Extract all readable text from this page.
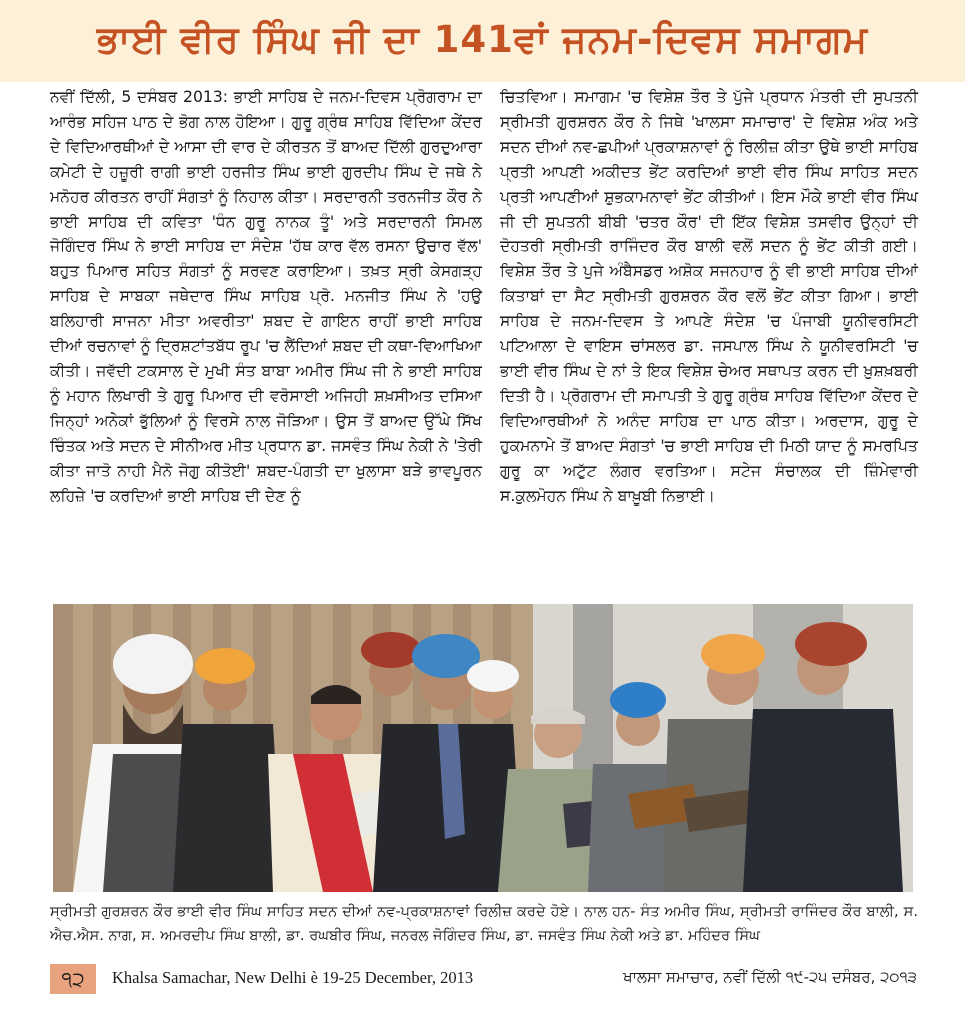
ਭਾਈ ਵੀਰ ਸਿੰਘ ਜੀ ਦਾ 141ਵਾਂ ਜਨਮ-ਦਿਵਸ ਸਮਾਗਮ

ਨਵੀਂ ਦਿੱਲੀ, 5 ਦਸੰਬਰ 2013: ਭਾਈ ਸਾਹਿਬ ਦੇ ਜਨਮ-ਦਿਵਸ ਪ੍ਰੋਗਰਾਮ ਦਾ ਆਰੰਭ ਸਹਿਜ ਪਾਠ ਦੇ ਭੋਗ ਨਾਲ ਹੋਇਆ। ਗੁਰੂ ਗ੍ਰੰਥ ਸਾਹਿਬ ਵਿੱਦਿਆ ਕੇਂਦਰ ਦੇ ਵਿਦਿਆਰਥੀਆਂ ਦੇ ਆਸਾ ਦੀ ਵਾਰ ਦੇ ਕੀਰਤਨ ਤੋਂ ਬਾਅਦ ਦਿੱਲੀ ਗੁਰਦੁਆਰਾ ਕਮੇਟੀ ਦੇ ਹਜ਼ੂਰੀ ਰਾਗੀ ਭਾਈ ਹਰਜੀਤ ਸਿੰਘ ਭਾਈ ਗੁਰਦੀਪ ਸਿੰਘ ਦੇ ਜਥੇ ਨੇ ਮਨੋਹਰ ਕੀਰਤਨ ਰਾਹੀਂ ਸੰਗਤਾਂ ਨੂੰ ਨਿਹਾਲ ਕੀਤਾ। ਸਰਦਾਰਨੀ ਤਰਨਜੀਤ ਕੌਰ ਨੇ ਭਾਈ ਸਾਹਿਬ ਦੀ ਕਵਿਤਾ 'ਧੰਨ ਗੁਰੂ ਨਾਨਕ ਤੂੰ' ਅਤੇ ਸਰਦਾਰਨੀ ਸਿਮਲ ਜੋਗਿੰਦਰ ਸਿੰਘ ਨੇ ਭਾਈ ਸਾਹਿਬ ਦਾ ਸੰਦੇਸ਼ 'ਹੱਥ ਕਾਰ ਵੱਲ ਰਸਨਾ ਉਚਾਰ ਵੱਲ' ਬਹੁਤ ਪਿਆਰ ਸਹਿਤ ਸੰਗਤਾਂ ਨੂੰ ਸਰਵਣ ਕਰਾਇਆ। ਤਖ਼ਤ ਸ੍ਰੀ ਕੇਸਗੜ੍ਹ ਸਾਹਿਬ ਦੇ ਸਾਬਕਾ ਜਥੇਦਾਰ ਸਿੰਘ ਸਾਹਿਬ ਪ੍ਰੋ. ਮਨਜੀਤ ਸਿੰਘ ਨੇ 'ਹਉ ਬਲਿਹਾਰੀ ਸਾਜਨਾ ਮੀਤਾ ਅਵਰੀਤਾ' ਸ਼ਬਦ ਦੇ ਗਾਇਨ ਰਾਹੀਂ ਭਾਈ ਸਾਹਿਬ ਦੀਆਂ ਰਚਨਾਵਾਂ ਨੂੰ ਦ੍ਰਿਸ਼ਟਾਂਤਬੱਧ ਰੂਪ 'ਚ ਲੈਂਦਿਆਂ ਸ਼ਬਦ ਦੀ ਕਥਾ-ਵਿਆਖਿਆ ਕੀਤੀ। ਜਵੱਦੀ ਟਕਸਾਲ ਦੇ ਮੁਖੀ ਸੰਤ ਬਾਬਾ ਅਮੀਰ ਸਿੰਘ ਜੀ ਨੇ ਭਾਈ ਸਾਹਿਬ ਨੂੰ ਮਹਾਨ ਲਿਖਾਰੀ ਤੇ ਗੁਰੂ ਪਿਆਰ ਦੀ ਵਰੋਸਾਈ ਅਜਿਹੀ ਸ਼ਖ਼ਸੀਅਤ ਦਸਿਆ ਜਿਨ੍ਹਾਂ ਅਨੇਕਾਂ ਭੁੱਲਿਆਂ ਨੂੰ ਵਿਰਸੇ ਨਾਲ ਜੋੜਿਆ। ਉਸ ਤੋਂ ਬਾਅਦ ਉੱਘੇ ਸਿੱਖ ਚਿੰਤਕ ਅਤੇ ਸਦਨ ਦੇ ਸੀਨੀਅਰ ਮੀਤ ਪ੍ਰਧਾਨ ਡਾ. ਜਸਵੰਤ ਸਿੰਘ ਨੇਕੀ ਨੇ 'ਤੇਰੀ ਕੀਤਾ ਜਾਤੋ ਨਾਹੀ ਮੈਨੋ ਜੋਗੁ ਕੀਤੋਈ' ਸ਼ਬਦ-ਪੰਗਤੀ ਦਾ ਖੁਲਾਸਾ ਬੜੇ ਭਾਵਪੂਰਨ ਲਹਿਜ਼ੇ 'ਚ ਕਰਦਿਆਂ ਭਾਈ ਸਾਹਿਬ ਦੀ ਦੇਣ ਨੂੰ

ਚਿਤਵਿਆ। ਸਮਾਗਮ 'ਚ ਵਿਸ਼ੇਸ਼ ਤੌਰ ਤੇ ਪੁੱਜੇ ਪ੍ਰਧਾਨ ਮੰਤਰੀ ਦੀ ਸੁਪਤਨੀ ਸ੍ਰੀਮਤੀ ਗੁਰਸ਼ਰਨ ਕੌਰ ਨੇ ਜਿਥੇ 'ਖਾਲਸਾ ਸਮਾਚਾਰ' ਦੇ ਵਿਸ਼ੇਸ਼ ਅੰਕ ਅਤੇ ਸਦਨ ਦੀਆਂ ਨਵ-ਛਪੀਆਂ ਪ੍ਰਕਾਸ਼ਨਾਵਾਂ ਨੂੰ ਰਿਲੀਜ਼ ਕੀਤਾ ਉਥੇ ਭਾਈ ਸਾਹਿਬ ਪ੍ਰਤੀ ਆਪਣੀ ਅਕੀਦਤ ਭੇਂਟ ਕਰਦਿਆਂ ਭਾਈ ਵੀਰ ਸਿੰਘ ਸਾਹਿਤ ਸਦਨ ਪ੍ਰਤੀ ਆਪਣੀਆਂ ਸ਼ੁਭਕਾਮਨਾਵਾਂ ਭੇਂਟ ਕੀਤੀਆਂ। ਇਸ ਮੌਕੇ ਭਾਈ ਵੀਰ ਸਿੰਘ ਜੀ ਦੀ ਸੁਪਤਨੀ ਬੀਬੀ 'ਚਤਰ ਕੌਰ' ਦੀ ਇੱਕ ਵਿਸ਼ੇਸ਼ ਤਸਵੀਰ ਉਨ੍ਹਾਂ ਦੀ ਦੋਹਤਰੀ ਸ੍ਰੀਮਤੀ ਰਾਜਿੰਦਰ ਕੌਰ ਬਾਲੀ ਵਲੋਂ ਸਦਨ ਨੂੰ ਭੇਂਟ ਕੀਤੀ ਗਈ। ਵਿਸ਼ੇਸ਼ ਤੌਰ ਤੇ ਪੁਜੇ ਅੰਬੈਸਡਰ ਅਸ਼ੋਕ ਸਜਨਹਾਰ ਨੂੰ ਵੀ ਭਾਈ ਸਾਹਿਬ ਦੀਆਂ ਕਿਤਾਬਾਂ ਦਾ ਸੈਟ ਸ੍ਰੀਮਤੀ ਗੁਰਸ਼ਰਨ ਕੌਰ ਵਲੋਂ ਭੇਂਟ ਕੀਤਾ ਗਿਆ। ਭਾਈ ਸਾਹਿਬ ਦੇ ਜਨਮ-ਦਿਵਸ ਤੇ ਆਪਣੇ ਸੰਦੇਸ਼ 'ਚ ਪੰਜਾਬੀ ਯੂਨੀਵਰਸਿਟੀ ਪਟਿਆਲਾ ਦੇ ਵਾਇਸ ਚਾਂਸਲਰ ਡਾ. ਜਸਪਾਲ ਸਿੰਘ ਨੇ ਯੂਨੀਵਰਸਿਟੀ 'ਚ ਭਾਈ ਵੀਰ ਸਿੰਘ ਦੇ ਨਾਂ ਤੇ ਇਕ ਵਿਸ਼ੇਸ਼ ਚੇਅਰ ਸਥਾਪਤ ਕਰਨ ਦੀ ਖ਼ੁਸ਼ਖ਼ਬਰੀ ਦਿਤੀ ਹੈ। ਪ੍ਰੋਗਰਾਮ ਦੀ ਸਮਾਪਤੀ ਤੇ ਗੁਰੂ ਗ੍ਰੰਥ ਸਾਹਿਬ ਵਿੱਦਿਆ ਕੇਂਦਰ ਦੇ ਵਿਦਿਆਰਥੀਆਂ ਨੇ ਅਨੰਦ ਸਾਹਿਬ ਦਾ ਪਾਠ ਕੀਤਾ। ਅਰਦਾਸ, ਗੁਰੂ ਦੇ ਹੁਕਮਨਾਮੇ ਤੋਂ ਬਾਅਦ ਸੰਗਤਾਂ 'ਚ ਭਾਈ ਸਾਹਿਬ ਦੀ ਮਿਠੀ ਯਾਦ ਨੂੰ ਸਮਰਪਿਤ ਗੁਰੂ ਕਾ ਅਟੁੱਟ ਲੰਗਰ ਵਰਤਿਆ। ਸਟੇਜ ਸੰਚਾਲਕ ਦੀ ਜ਼ਿੰਮੇਵਾਰੀ ਸ.ਕੁਲਮੋਹਨ ਸਿੰਘ ਨੇ ਬਾਖ਼ੂਬੀ ਨਿਭਾਈ।

ਸ੍ਰੀਮਤੀ ਗੁਰਸ਼ਰਨ ਕੌਰ ਭਾਈ ਵੀਰ ਸਿੰਘ ਸਾਹਿਤ ਸਦਨ ਦੀਆਂ ਨਵ-ਪ੍ਰਕਾਸ਼ਨਾਵਾਂ ਰਿਲੀਜ਼ ਕਰਦੇ ਹੋਏ। ਨਾਲ ਹਨ- ਸੰਤ ਅਮੀਰ ਸਿੰਘ, ਸ੍ਰੀਮਤੀ ਰਾਜਿੰਦਰ ਕੌਰ ਬਾਲੀ, ਸ. ਐਚ.ਐਸ. ਨਾਗ, ਸ. ਅਮਰਦੀਪ ਸਿੰਘ ਬਾਲੀ, ਡਾ. ਰਘਬੀਰ ਸਿੰਘ, ਜਨਰਲ ਜੋਗਿੰਦਰ ਸਿੰਘ, ਡਾ. ਜਸਵੰਤ ਸਿੰਘ ਨੇਕੀ ਅਤੇ ਡਾ. ਮਹਿੰਦਰ ਸਿੰਘ
੧੨	Khalsa Samachar, New Delhi è 19-25 December, 2013	ਖਾਲਸਾ ਸਮਾਚਾਰ, ਨਵੀਂ ਦਿੱਲੀ ੧੯-੨੫ ਦਸੰਬਰ, ੨੦੧੩
